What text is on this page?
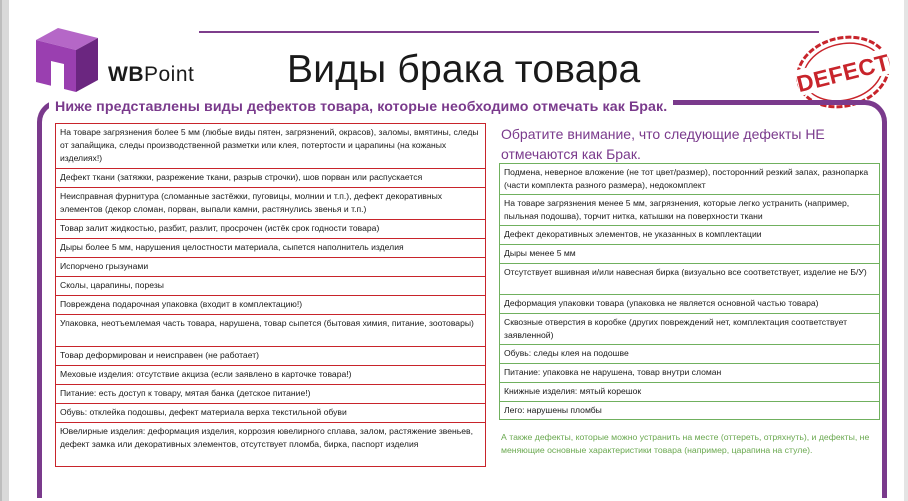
WBPoint Виды брака товара	DEFECT
Ниже представлены виды дефектов товара, которые необходимо отмечать как Брак.
На товаре загрязнения более 5 мм (любые виды пятен, загрязнений, окрасов), заломы, вмятины, следы от запайщика, следы производственной разметки или клея, потертости и царапины (на кожаных изделиях!)
Дефект ткани (затяжки, разрежение ткани, разрыв строчки), шов порван или распускается
Неисправная фурнитура (сломанные застёжки, пуговицы, молнии и т.п.), дефект декоративных элементов (декор сломан, порван, выпали камни, растянулись звенья и т.п.)
Товар залит жидкостью, разбит, разлит, просрочен (истёк срок годности товара)
Дыры более 5 мм, нарушения целостности материала, сыпется наполнитель изделия
Испорчено грызунами
Сколы, царапины, порезы
Повреждена подарочная упаковка (входит в комплектацию!)
Упаковка, неотъемлемая часть товара, нарушена, товар сыпется (бытовая химия, питание, зоотовары)
Товар деформирован и неисправен (не работает)
Меховые изделия: отсутствие акциза (если заявлено в карточке товара!)
Питание: есть доступ к товару, мятая банка (детское питание!)
Обувь: отклейка подошвы, дефект материала верха текстильной обуви
Ювелирные изделия: деформация изделия, коррозия ювелирного сплава, залом, растяжение звеньев, дефект замка или декоративных элементов, отсутствует пломба, бирка, паспорт изделия
Обратите внимание, что следующие дефекты НЕ
отмечаются как Брак.
Подмена, неверное вложение (не тот цвет/размер), посторонний резкий запах, разнопарка (части комплекта разного размера), недокомплект
На товаре загрязнения менее 5 мм, загрязнения, которые легко устранить (например, пыльная подошва), торчит нитка, катышки на поверхности ткани
Дефект декоративных элементов, не указанных в комплектации
Дыры менее 5 мм
Отсутствует вшивная и/или навесная бирка (визуально все соответствует, изделие не Б/У)
Деформация упаковки товара (упаковка не является основной частью товара)
Сквозные отверстия в коробке (других повреждений нет, комплектация соответствует заявленной)
Обувь: следы клея на подошве
Питание: упаковка не нарушена, товар внутри сломан
Книжные изделия: мятый корешок
Лего: нарушены пломбы
А также дефекты, которые можно устранить на месте (оттереть, отряхнуть), и дефекты, не меняющие основные характеристики товара (например, царапина на стуле).
